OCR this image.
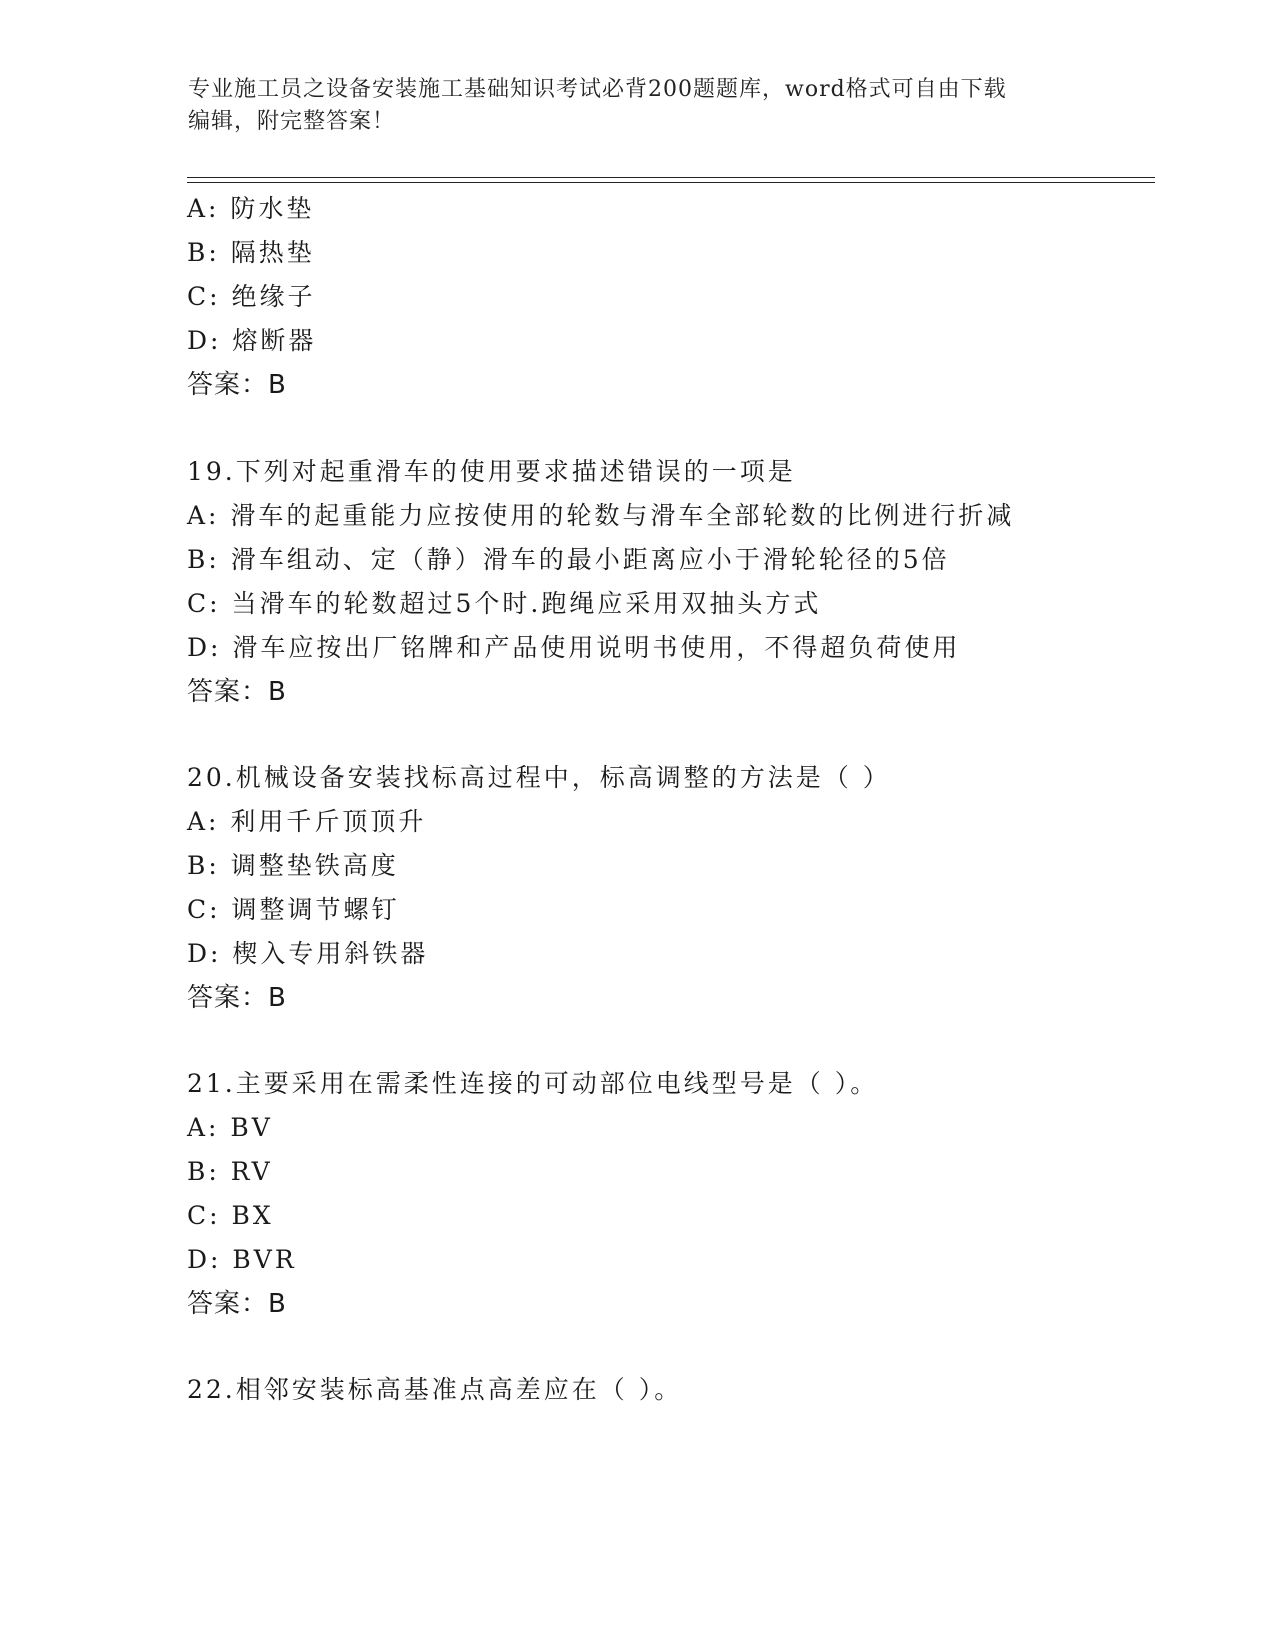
专业施工员之设备安装施工基础知识考试必背200题题库，word格式可自由下载
编辑，附完整答案！
A: 防水垫
B: 隔热垫
C: 绝缘子
D: 熔断器
答案：B
19.下列对起重滑车的使用要求描述错误的一项是
A: 滑车的起重能力应按使用的轮数与滑车全部轮数的比例进行折减
B: 滑车组动、定（静）滑车的最小距离应小于滑轮轮径的5倍
C: 当滑车的轮数超过5个时.跑绳应采用双抽头方式
D: 滑车应按出厂铭牌和产品使用说明书使用，不得超负荷使用
答案：B
20.机械设备安装找标高过程中，标高调整的方法是（ ）
A: 利用千斤顶顶升
B: 调整垫铁高度
C: 调整调节螺钉
D: 楔入专用斜铁器
答案：B
21.主要采用在需柔性连接的可动部位电线型号是（ ）。
A: BV
B: RV
C: BX
D: BVR
答案：B
22.相邻安装标高基准点高差应在（ ）。
